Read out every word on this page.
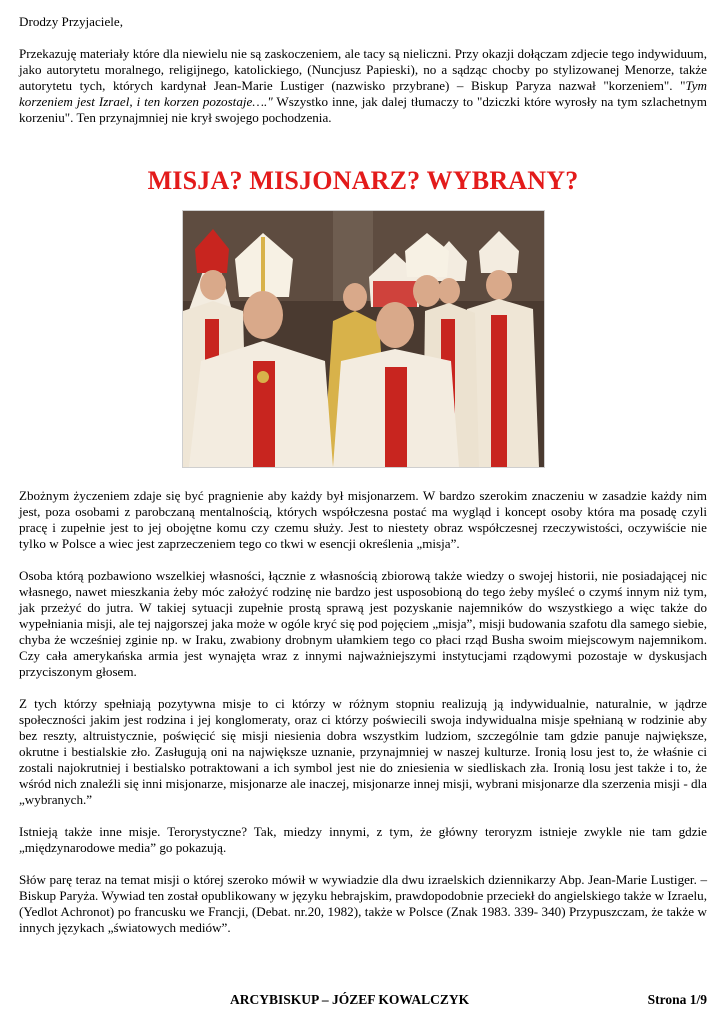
Drodzy Przyjaciele,

Przekazuję materiały które dla niewielu nie są zaskoczeniem, ale tacy są nieliczni. Przy okazji dołączam zdjecie tego indywiduum, jako autorytetu moralnego, religijnego, katolickiego, (Nuncjusz Papieski), no a sądząc chocby po stylizowanej Menorze, także autorytetu tych, których kardynał Jean-Marie Lustiger (nazwisko przybrane) – Biskup Paryza nazwał "korzeniem". "Tym korzeniem jest Izrael, i ten korzen pozostaje…." Wszystko inne, jak dalej tłumaczy to "dziczki które wyrosły na tym szlachetnym korzeniu". Ten przynajmniej nie krył swojego pochodzenia.

MISJA? MISJONARZ? WYBRANY?

Zbożnym życzeniem zdaje się być pragnienie aby każdy był misjonarzem. W bardzo szerokim znaczeniu w zasadzie każdy nim jest, poza osobami z parobczaną mentalnością, których współczesna postać ma wygląd i koncept osoby która ma posadę czyli pracę i zupełnie jest to jej obojętne komu czy czemu służy. Jest to niestety obraz współczesnej rzeczywistości, oczywiście nie tylko w Polsce a wiec jest zaprzeczeniem tego co tkwi w esencji określenia „misja”.

Osoba którą pozbawiono wszelkiej własności, łącznie z własnością zbiorową także wiedzy o swojej historii, nie posiadającej nic własnego, nawet mieszkania żeby móc założyć rodzinę nie bardzo jest usposobioną do tego żeby myśleć o czymś innym niż tym, jak przeżyć do jutra. W takiej sytuacji zupełnie prostą sprawą jest pozyskanie najemników do wszystkiego a więc także do wypełniania misji, ale tej najgorszej jaka może w ogóle kryć się pod pojęciem „misja”, misji budowania szafotu dla samego siebie, chyba że wcześniej zginie np. w Iraku, zwabiony drobnym ułamkiem tego co płaci rząd Busha swoim miejscowym najemnikom. Czy cała amerykańska armia jest wynajęta wraz z innymi najważniejszymi instytucjami rządowymi pozostaje w dyskusjach przyciszonym głosem.

Z tych którzy spełniają pozytywna misje to ci którzy w różnym stopniu realizują ją indywidualnie, naturalnie, w jądrze społeczności jakim jest rodzina i jej konglomeraty, oraz ci którzy poświecili swoja indywidualna misje spełnianą w rodzinie aby bez reszty, altruistycznie, poświęcić się misji niesienia dobra wszystkim ludziom, szczególnie tam gdzie panuje największe, okrutne i bestialskie zło. Zasługują oni na największe uznanie, przynajmniej w naszej kulturze. Ironią losu jest to, że właśnie ci zostali najokrutniej i bestialsko potraktowani a ich symbol jest nie do zniesienia w siedliskach zła. Ironią losu jest także i to, że wśród nich znaleźli się inni misjonarze, misjonarze ale inaczej, misjonarze innej misji, wybrani misjonarze dla szerzenia misji - dla „wybranych.”

Istnieją także inne misje. Terorystyczne? Tak, miedzy innymi, z tym, że główny teroryzm istnieje zwykle nie tam gdzie „międzynarodowe media” go pokazują.

Słów parę teraz na temat misji o której szeroko mówił w wywiadzie dla dwu izraelskich dziennikarzy Abp. Jean-Marie Lustiger. – Biskup Paryża. Wywiad ten został opublikowany w języku hebrajskim, prawdopodobnie przeciekł do angielskiego także w Izraelu, (Yedlot Achronot) po francusku we Francji, (Debat. nr.20, 1982), także w Polsce (Znak 1983. 339- 340) Przypuszczam, że także w innych językach „światowych mediów”.

ARCYBISKUP – JÓZEF KOWALCZYK	Strona 1/9
